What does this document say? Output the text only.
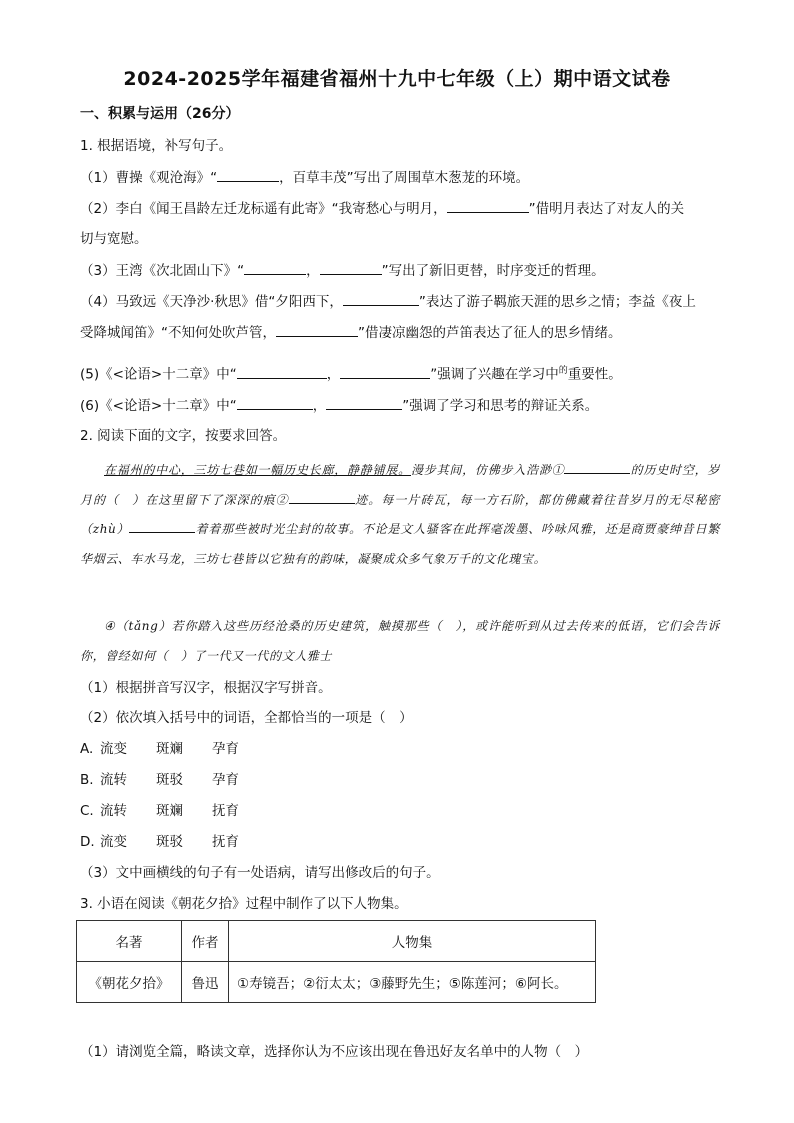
2024-2025学年福建省福州十九中七年级（上）期中语文试卷
一、积累与运用（26分）
1. 根据语境，补写句子。
（1）曹操《观沧海》“	，百草丰茂”写出了周围草木葱茏的环境。
（2）李白《闻王昌龄左迁龙标遥有此寄》“我寄愁心与明月，	”借明月表达了对友人的关
切与宽慰。
（3）王湾《次北固山下》“	，	”写出了新旧更替，时序变迁的哲理。
（4）马致远《天净沙·秋思》借“夕阳西下，	”表达了游子羁旅天涯的思乡之情；李益《夜上
受降城闻笛》“不知何处吹芦管，	”借凄凉幽怨的芦笛表达了征人的思乡情绪。
(5)《<论语>十二章》中“	，	”强调了兴趣在学习中$^的$重要性。
(6)《<论语>十二章》中“	，	”强调了学习和思考的辩证关系。
2. 阅读下面的文字，按要求回答。
在福州的中心，三坊七巷如一幅历史长廊，静静铺展。漫步其间，仿佛步入浩渺①	的历史时空，岁月的（　）在这里留下了深深的痕②	迹。每一片砖瓦，每一方石阶，都仿佛藏着往昔岁月的无尽秘密（zhù）	着着那些被时光尘封的故事。不论是文人骚客在此挥毫泼墨、吟咏风雅，还是商贾豪绅昔日繁华烟云、车水马龙，三坊七巷皆以它独有的韵味，凝聚成众多气象万千的文化瑰宝。
④（tǎng）若你踏入这些历经沧桑的历史建筑，触摸那些（　），或许能听到从过去传来的低语，它们会告诉你，曾经如何（　）了一代又一代的文人雅士
（1）根据拼音写汉字，根据汉字写拼音。
（2）依次填入括号中的词语，全都恰当的一项是（　）
A. 流变 斑斓 孕育
B. 流转 斑驳 孕育
C. 流转 斑斓 抚育
D. 流变 斑驳 抚育
（3）文中画横线的句子有一处语病，请写出修改后的句子。
3. 小语在阅读《朝花夕拾》过程中制作了以下人物集。
名著	作者	人物集
《朝花夕拾》	鲁迅	①寿镜吾；②衍太太；③藤野先生；⑤陈莲河；⑥阿长。
（1）请浏览全篇，略读文章，选择你认为不应该出现在鲁迅好友名单中的人物（　）
